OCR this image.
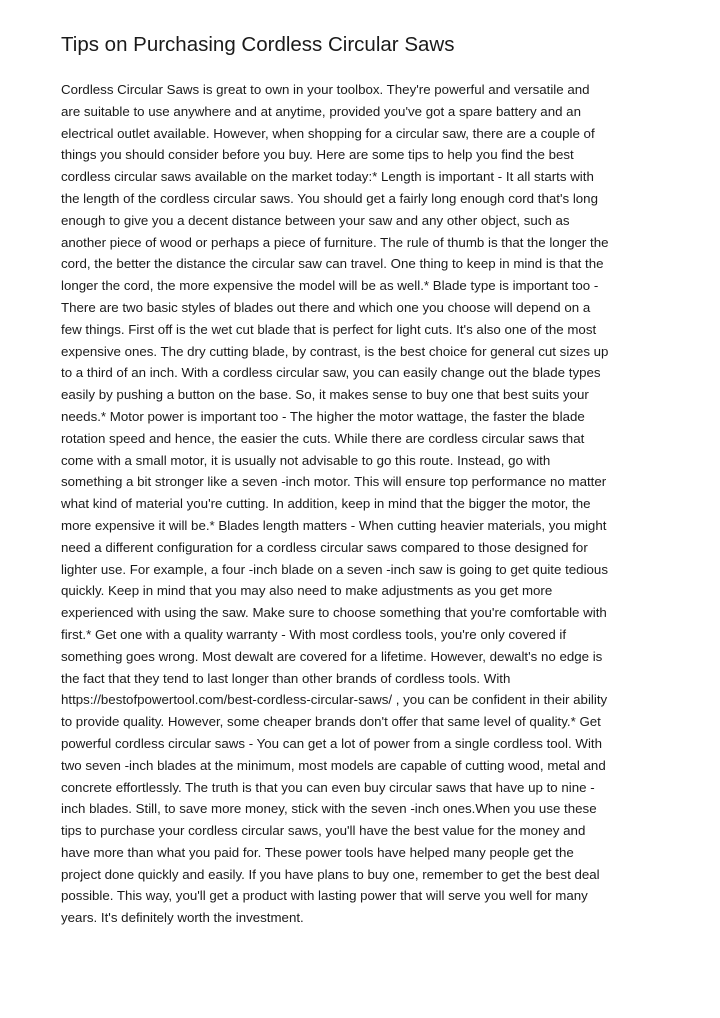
Tips on Purchasing Cordless Circular Saws
Cordless Circular Saws is great to own in your toolbox. They're powerful and versatile and
are suitable to use anywhere and at anytime, provided you've got a spare battery and an
electrical outlet available. However, when shopping for a circular saw, there are a couple of
things you should consider before you buy. Here are some tips to help you find the best
cordless circular saws available on the market today:* Length is important - It all starts with
the length of the cordless circular saws. You should get a fairly long enough cord that's long
enough to give you a decent distance between your saw and any other object, such as
another piece of wood or perhaps a piece of furniture. The rule of thumb is that the longer the
cord, the better the distance the circular saw can travel. One thing to keep in mind is that the
longer the cord, the more expensive the model will be as well.* Blade type is important too -
There are two basic styles of blades out there and which one you choose will depend on a
few things. First off is the wet cut blade that is perfect for light cuts. It's also one of the most
expensive ones. The dry cutting blade, by contrast, is the best choice for general cut sizes up
to a third of an inch. With a cordless circular saw, you can easily change out the blade types
easily by pushing a button on the base. So, it makes sense to buy one that best suits your
needs.* Motor power is important too - The higher the motor wattage, the faster the blade
rotation speed and hence, the easier the cuts. While there are cordless circular saws that
come with a small motor, it is usually not advisable to go this route. Instead, go with
something a bit stronger like a seven -inch motor. This will ensure top performance no matter
what kind of material you're cutting. In addition, keep in mind that the bigger the motor, the
more expensive it will be.* Blades length matters - When cutting heavier materials, you might
need a different configuration for a cordless circular saws compared to those designed for
lighter use. For example, a four -inch blade on a seven -inch saw is going to get quite tedious
quickly. Keep in mind that you may also need to make adjustments as you get more
experienced with using the saw. Make sure to choose something that you're comfortable with
first.* Get one with a quality warranty - With most cordless tools, you're only covered if
something goes wrong. Most dewalt are covered for a lifetime. However, dewalt's no edge is
the fact that they tend to last longer than other brands of cordless tools. With
https://bestofpowertool.com/best-cordless-circular-saws/ , you can be confident in their ability
to provide quality. However, some cheaper brands don't offer that same level of quality.* Get
powerful cordless circular saws - You can get a lot of power from a single cordless tool. With
two seven -inch blades at the minimum, most models are capable of cutting wood, metal and
concrete effortlessly. The truth is that you can even buy circular saws that have up to nine -
inch blades. Still, to save more money, stick with the seven -inch ones.When you use these
tips to purchase your cordless circular saws, you'll have the best value for the money and
have more than what you paid for. These power tools have helped many people get the
project done quickly and easily. If you have plans to buy one, remember to get the best deal
possible. This way, you'll get a product with lasting power that will serve you well for many
years. It's definitely worth the investment.
